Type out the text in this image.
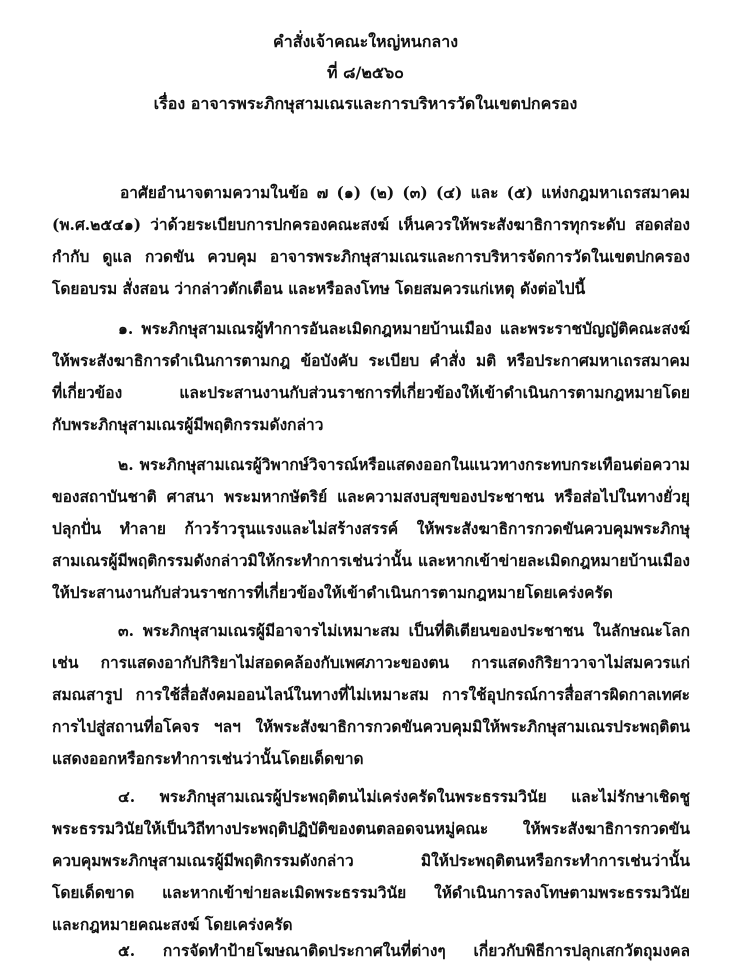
คำสั่งเจ้าคณะใหญ่หนกลาง
ที่ ๘/๒๕๖๐
เรื่อง อาจารพระภิกษุสามเณรและการบริหารวัดในเขตปกครอง
อาศัยอำนาจตามความในข้อ ๗ (๑) (๒) (๓) (๔) และ (๕) แห่งกฎมหาเถรสมาคม
(พ.ศ.๒๕๔๑) ว่าด้วยระเบียบการปกครองคณะสงฆ์ เห็นควรให้พระสังฆาธิการทุกระดับ สอดส่อง
กำกับ ดูแล กวดขัน ควบคุม อาจารพระภิกษุสามเณรและการบริหารจัดการวัดในเขตปกครอง
โดยอบรม สั่งสอน ว่ากล่าวตักเตือน และหรือลงโทษ โดยสมควรแก่เหตุ ดังต่อไปนี้
๑. พระภิกษุสามเณรผู้ทำการอันละเมิดกฎหมายบ้านเมือง และพระราชบัญญัติคณะสงฆ์
ให้พระสังฆาธิการดำเนินการตามกฎ ข้อบังคับ ระเบียบ คำสั่ง มติ หรือประกาศมหาเถรสมาคม
ที่เกี่ยวข้อง และประสานงานกับส่วนราชการที่เกี่ยวข้องให้เข้าดำเนินการตามกฎหมายโดย
กับพระภิกษุสามเณรผู้มีพฤติกรรมดังกล่าว
๒. พระภิกษุสามเณรผู้วิพากษ์วิจารณ์หรือแสดงออกในแนวทางกระทบกระเทือนต่อความ
ของสถาบันชาติ ศาสนา พระมหากษัตริย์ และความสงบสุขของประชาชน หรือส่อไปในทางยั่วยุ
ปลุกปั่น ทำลาย ก้าวร้าวรุนแรงและไม่สร้างสรรค์ ให้พระสังฆาธิการกวดขันควบคุมพระภิกษุ
สามเณรผู้มีพฤติกรรมดังกล่าวมิให้กระทำการเช่นว่านั้น และหากเข้าข่ายละเมิดกฎหมายบ้านเมือง
ให้ประสานงานกับส่วนราชการที่เกี่ยวข้องให้เข้าดำเนินการตามกฎหมายโดยเคร่งครัด
๓. พระภิกษุสามเณรผู้มีอาจารไม่เหมาะสม เป็นที่ติเตียนของประชาชน ในลักษณะโลก
เช่น การแสดงอากัปกิริยาไม่สอดคล้องกับเพศภาวะของตน การแสดงกิริยาวาจาไม่สมควรแก่
สมณสารูป การใช้สื่อสังคมออนไลน์ในทางที่ไม่เหมาะสม การใช้อุปกรณ์การสื่อสารผิดกาลเทศะ
การไปสู่สถานที่อโคจร ฯลฯ ให้พระสังฆาธิการกวดขันควบคุมมิให้พระภิกษุสามเณรประพฤติตน
แสดงออกหรือกระทำการเช่นว่านั้นโดยเด็ดขาด
๔. พระภิกษุสามเณรผู้ประพฤติตนไม่เคร่งครัดในพระธรรมวินัย และไม่รักษาเชิดชู
พระธรรมวินัยให้เป็นวิถีทางประพฤติปฏิบัติของตนตลอดจนหมู่คณะ ให้พระสังฆาธิการกวดขัน
ควบคุมพระภิกษุสามเณรผู้มีพฤติกรรมดังกล่าว มิให้ประพฤติตนหรือกระทำการเช่นว่านั้น
โดยเด็ดขาด และหากเข้าข่ายละเมิดพระธรรมวินัย ให้ดำเนินการลงโทษตามพระธรรมวินัย
และกฎหมายคณะสงฆ์ โดยเคร่งครัด
๕. การจัดทำป้ายโฆษณาติดประกาศในที่ต่างๆ เกี่ยวกับพิธีการปลุกเสกวัตถุมงคล
